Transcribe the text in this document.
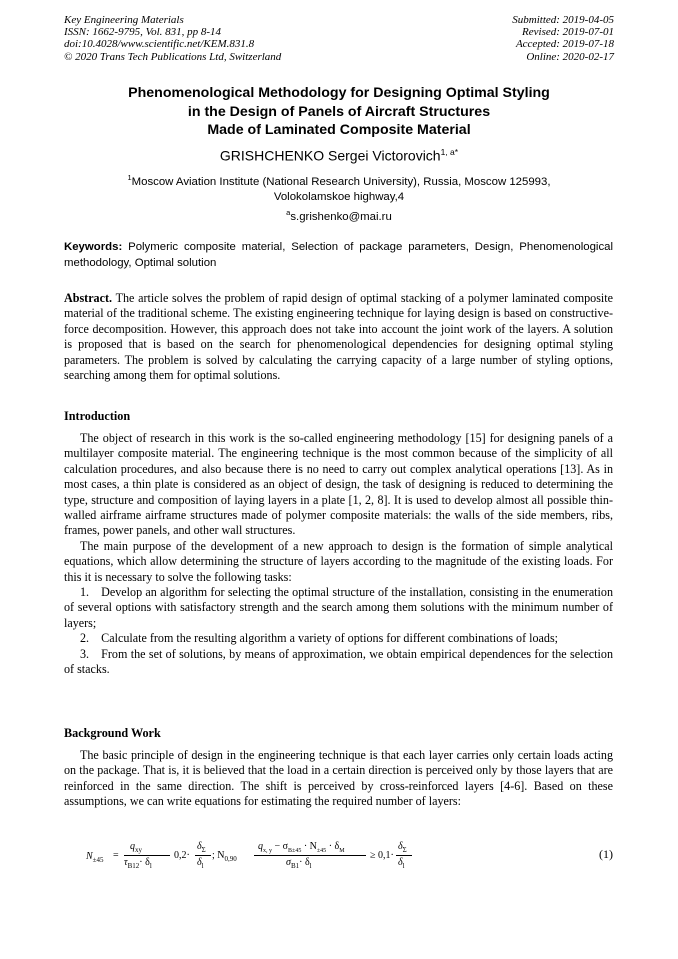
Key Engineering Materials
ISSN: 1662-9795, Vol. 831, pp 8-14
doi:10.4028/www.scientific.net/KEM.831.8
© 2020 Trans Tech Publications Ltd, Switzerland
Submitted: 2019-04-05
Revised: 2019-07-01
Accepted: 2019-07-18
Online: 2020-02-17
Phenomenological Methodology for Designing Optimal Styling
in the Design of Panels of Aircraft Structures
Made of Laminated Composite Material
GRISHCHENKO Sergei Victorovich$^{1, a*}$
$^1$Moscow Aviation Institute (National Research University), Russia, Moscow 125993,
Volokolamskoe highway,4
$^a$s.grishenko@mai.ru
Keywords: Polymeric composite material, Selection of package parameters, Design, Phenomenological methodology, Optimal solution

Abstract. The article solves the problem of rapid design of optimal stacking of a polymer laminated composite material of the traditional scheme. The existing engineering technique for laying design is based on constructive-force decomposition. However, this approach does not take into account the joint work of the layers. A solution is proposed that is based on the search for phenomenological dependencies for designing optimal styling parameters. The problem is solved by calculating the carrying capacity of a large number of styling options, searching among them for optimal solutions.

Introduction

The object of research in this work is the so-called engineering methodology [15] for designing panels of a multilayer composite material. The engineering technique is the most common because of the simplicity of all calculation procedures, and also because there is no need to carry out complex analytical operations [13]. As in most cases, a thin plate is considered as an object of design, the task of designing is reduced to determining the type, structure and composition of laying layers in a plate [1, 2, 8]. It is used to develop almost all possible thin-walled airframe airframe structures made of polymer composite materials: the walls of the side members, ribs, frames, power panels, and other wall structures.

The main purpose of the development of a new approach to design is the formation of simple analytical equations, which allow determining the structure of layers according to the magnitude of the existing loads. For this it is necessary to solve the following tasks:

1. Develop an algorithm for selecting the optimal structure of the installation, consisting in the enumeration of several options with satisfactory strength and the search among them solutions with the minimum number of layers;

2. Calculate from the resulting algorithm a variety of options for different combinations of loads;

3. From the set of solutions, by means of approximation, we obtain empirical dependences for the selection of stacks.

Background Work

The basic principle of design in the engineering technique is that each layer carries only certain loads acting on the package. That is, it is believed that the load in a certain direction is perceived only by those layers that are reinforced in the same direction. The shift is perceived by cross-reinforced layers [4-6]. Based on these assumptions, we can write equations for estimating the required number of layers:

$N_{\pm 45}$ =
$q_{xy}$
$\tau_{B12}\cdot \delta_l$
0,2·
$\delta_\Sigma$
$\delta_l$
; $N_{0,90}$
$q_{x, y} - \sigma_{B\pm 45} \cdot N_{\pm 45} \cdot \delta_M$
$\sigma_{B1}\cdot \delta_l$
≥ 0,1·
$\delta_\Sigma$
$\delta_l$
(1)
